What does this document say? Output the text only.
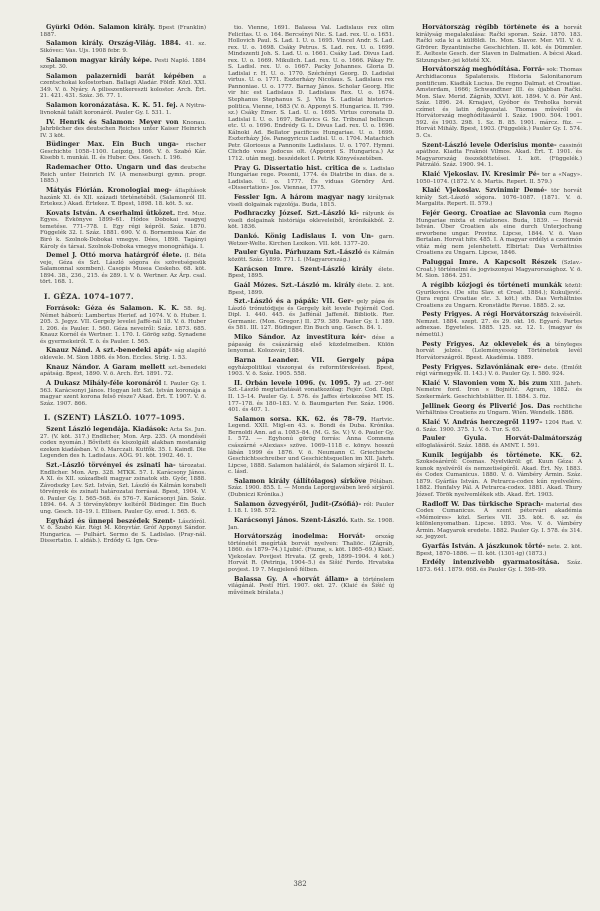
Gyürki Ödön. Salamon király. Bpest (Franklin) 1887.

Salamon király. Ország-Világ. 1884. 41. sz. Sikóvec: Vas. Ujs. 1908 febr. 9.

Salamon magyar király képe. Pesti Napló. 1884 szept. 30.

Salamon palazernidi barát képében a czentschokai kolostorban. Ballagi Aladár. Földr. Közl. XXI. 349. V. ö. Nyáry. A pilisszentkereszti kolostor. Arch. Ért. 21. 421. 431. Száz. 36. 77. 1.

Salamon koronázatása. K. K. 51. fej. A Nyitra-livnoknál talált koronáról. Pauler Gy. I. 531. 1.

IV. Henrik és Salamon: Meyer von Knonau. Jahrbücher des deutschen Reiches unter Kaiser Heinrich IV. 3 köt.

Büdinger Max. Ein Buch unga- rischer Geschichte 1058–1100. Leipzig, 1866. V. ö. Szabó Kár. Kisebb t. munkái. II. és Huber. Oes. Gesch. I. 196.

Rademacher Otto. Ungarn und das deutsche Reich unter Heinrich IV. (A menseburgi gymn. progr. 1885.)

Mátyás Flórián. Kronologiai meg- állapítások hazánk XI. és XII. századi történetéből. (Salamonról III. Ertekez.) Akad. Értekez. T. Bpest, 1898. 18. köt. 5. sz.

Kovats István. A cserhalmi ütközet. Erd. Muz. Egyes. Évkönyve 1899–61. Hódos Dobokai vaagyej temetése. 771–778. I. Egy régi képről. Száz. 1870. Függelék 32. I. Száz. 1881. 690. V. ö. Bornemissa Kár. de Biró k. Szolnok-Dobokai vmegye. Dées, 1898. Tagányi Károly és társai. Szolnok-Doboka vmegye monográfiája. I.

Demel J. Ottó morva határgróf élete. (I. Béla veje, Géza és Szt. László sógora és szövetségesük Salamonnal szemben). Casopis Musea Ceskeho. 68. köt. 1894. 38., 236., 215. és 289. l. V. ö. Wertner. Az Árp. csal. tört. 168. 1.

I. GÉZA. 1074–1077.

Források: Géza és Salamon. K. K. 58. fej. Német háború: Lambertus Herief. ad 1074. V. ö. Huber. I. 205. 3. Jegyz. VII. Gergely levelei Jaffé-nál 18. V. ö. Huber I. 206. és Pauler. I. 560. Géza neveiről: Száz. 1873. 685. Knauz Kornél és Wertner. 1. 170. I. Görög szög. Synadene és gyermekeiről. T. ö. és Pauler. I. 565.

Knauz Nánd. A szt.-benedeki apát- ság alapító oklevele. M. Sion 1886. és Mon. Eccles. Strig. I. 53.

Knauz Nándor. A Garam mellett szt.-benedeki apátság. Bpest, 1890. V. ö. Arch. Ért. 1891. 72.

A Dukasz Mihály-féle koronáról I. Pauler Gy. I. 563. Karácsonyi János. Hogyan lett Szt. István koronája a magyar szent korona felső része? Akad. Ért. T. 1907. V. ö. Száz. 1907. 866.

I. (SZENT) LÁSZLÓ. 1077–1095.

Szent László legendája. Kiadások: Acta Ss. Jun. 27. (V. köt. 317.) Endlicher, Mon. Arp. 235. (A mondéséi codex nyomán.) Bővített és kiszolgált alakban mostanáig ezeken kiadásban. V. ö. Marczali. Kutfők. 35. I. Kaindl. Die Legenden des h. Ladislaus. AÖG. 91. köt. 1902. 46. 1.

Szt.-László törvényei és zsinati ha- tározatai. Endlicher. Mon. Arp. 328. MTKK. 57. I. Karácsony János. A XI. és XII. századbeli magyar zsinatok stb. Győr, 1888. Závodszky Lev. Szt. István, Szt. László és Kálmán korabeli törvények és zsinati határozatai forrásai. Bpest, 1904. V. ö. Pauler Gy. I. 565–568. és 576–7. Karácsonyi Ján. Száz. 1894. 64. A 3 törvénykönyv keltéről Büdinger. Ein Buch ung. Gesch. 18–19. I. Ellisen. Pauler Gy. ered. I. 565. 6.

Egyházi és ünnepi beszédek Szent- Lászlóról. V. ö. Szabó Kár. Régi M. Könyvtár. Gróf Apponyi Sándor. Hungarica. — Pulhárt. Sermo de S. Ladislao. (Pray-nál. Dissertatio. I. aldáb.). Erdődy G. Ign. Ora-

tio. Vienne, 1691. Balassa Val. Ladislaus rex olim Felicitas. U. o. 164. Bercsényi Nic. S. Lad. rex. U. o. 1651. Hollovich Paul. S. Lad. I. U. o. 1695. Vincel Andr. S. Lad. rex. U. o. 1698. Csáky Petrus. S. Lad. rex. U. o. 1699. Mindszenti Joh. S. Lad. U. o. 1661. Csáky Lad. Divus Lad. rex. U. o. 1669. Mikulich. Lad. rex. U. o. 1666. Pákay Fr. S. Ladisl. rex. U. o. 1667. Packy Johannes. Gloria D. Ladislai r. H. U. o. 1770. Széchényi Georg. D. Ladislai virtus. U. o. 1771. Eszterházy Nicolaus. S. Ladislaus rex Pannoniae. U. o. 1777. Barnay János. Scholar Georg. Hic vir hic est Ladislaus D. Ladislaus Rex. U. o. 1674. Stephanus Stephanus S. J. Vita S. Ladislai historico-politica. Vienne, 1683 (V. ö. Apponyi S. Hungarica. II. 799. sz.) Csáky Emer. S. Lad. U. o. 1695. Virtus coronata D. Ladislai I. U. o. 1697. Bellavics G. Sz. Tribunal bellicum etc. U. o. 1696. Endrédy G. L. Divus Lad. rex. U. o. 1696. Kálnoki Ad. Bellator pacificus Hungariae. U. o. 1699. Eszterházy Jós. Panegyricus Ladisl. U. o. 1704. Matachich Petr. Gloriosus a Pannoniis Ladislaus. U. o. 1707. Hymni. Clichdo vous Jodocus olt. (Apponyi S. Hungarica.) Az 1712. után megj. beszédeket I. Petrik Könyvészetében.

Pray G. Dissertatio hist. critica de s. Ladislao Hungariae rege. Posonii, 1774. és Diatribe in dias. de s. Ladislao. U. o. 1777. És viduas Görnöry Árd. «Dissertation» Jos. Viennae, 1775.

Fessler Ign. A három magyar nagy királynak viseli dolgainak rajzolója. Buda, 1815.

Podhraczky József. Szt.-László ki- rályunk és viseli dolgainak históriája okleveleiből, krónikákból. 2. köt. 1836.

Dankó. König Ladislaus I. von Un- garn. Wetzer-Welte. Kirchen Lexikon. VII. köt. 1377–20.

Pauler Gyula. Párhuzam Szt.-László és Kálmán között. Száz. 1899. 771. I. (Magyarország.)

Karácson Imre. Szent-László király élete. Bpest, 1895.

Gaál Mózes. Szt.-László m. király élete. 2. köt. Bpest, 1899.

Szt.-László és a pápák: VII. Ger- gely pápa és László trónutódjeje és Gergely két levele Fejérnél Cod. Dipl. I. 440. 445. és Jaffénál Jaffenél. Bibliotk. Rer. Germanic. (Mon. Gregor.) II. 279. 389. Pauler Gy. I. 189. és 581. III. 127. Büdinger. Ein Buch ung. Gesch. 84. 1.

Miko Sándor. Az investitura kér- dése a pápaság és császárság első küzdelmeiben. Külön lenyomat. Kolozsvár, 1884.

Barna Leander. VII. Gergely pápa egyházpolitikai viszonyai és reformtörekvései. Bpest, 1903. V. ö. Száz. 1905. 558.

II. Orbán levele 1096. (v. 1095. ?) ad. 27–96! Szt.-László megtartatását vonatkozólag: Fejér. Cod. Dipl. II. 13–14. Pauler Gy. I. 576. és Jaffes értekezése MT. IS. 177–178. és 180–183. V. ö. Baumgarten Fer. Száz. 1906. 401. és 407. 1.

Salamon sorsa. KK. 62. és 78–79. Hartvic. Legend. XXII. Migl-en 43. s. Bondi és Duba. Krónika. Bernoldi Ann. ad a. 1083–84. (M. G. Ss. V.) V. ö. Pauler Gy. I. 572. — Egyhonú görög forrás: Anna Comnena császárné «Alexias» szöve. 1069–1118 c. könyv. hosszú lábán 1999 és 1876. V. ö. Neumann C. Griechische Geschichtsschreiber und Geschichtsquellen im XII. Jahrh. Lipcse, 1888. Salamon haláláról, és Salamon sírjáról II. L. c. lásd.

Salamon király (állítólagos) sírköve Pólában. Száz. 1900. 855. I. — Monda Leporgjaváben levő sírjáról. (Dubniczi Krónika.)

Salamon özvegyéről, Judit-(Zsófiá)- ról: Pauler I. 18. I. 198. 572.

Karácsonyi János. Szent-László. Kath. Sz. 1908. Jan.

Horvátország inodelma: Horvát- ország történetét megírták borvát nyelven: Thaliōc. (Zágráb, 1860. és 1879–74.) Ljubić. (Fiume, s. köt. 1865–69.) Klaić. Vjekoslav. Povijest Hrvata. (Z greb, 1899–1904. 4 köt.) Horvát R. (Petrinja, 1904–5.) és Sišić Ferdo. Hrvatska povjest. 19 7. Megjelenő félben.

Balassa Gy. A «horvát állam» a történelem világánál. Pesti Hírl. 1907. okt. 27. (Klaić és Šišić új művéinek bírálata.)

Horvátország régibb története és a horvát királyság megalakulása: Rački sporan. Száz. 1870. 183. Rački szla ki a külföldi. In. Mon. Slavor. Mer. VII. V. ö. Gfrörer. Byzantinische Geschichten. II. köt. és Dümmler. E. Aelteste Gesch. der Slaven in Dalmatien. A bécsi Akad. Sitzungsber.-jei köteté XX.

Horvátország meghódítása. Forrá- sok: Thomas Archidiaconus Spalatensis. Historia Salonitanorum pontificum. Kiadták Lucius. De regno Dalmat. et Croatiae. Amsterdam, 1666; Schwandtner III. és újabban Rački. Mon. Slav. Merid. Zágráb, XXVI. köt. 1894. V. ö. Pór Ant. Száz. 1896. 24. Krnajavi, Gyóbor és Treholka horvát czímet és latin dolgozatai. Thomas művéről és Horvátország meghódításáról I. Száz. 1900. 504. 1901. 592. és 1903. 298. 1. Sz. B. 85. 1901. márcz. füz. — Horvát Mihály. Bpest, 1903. (Függelék.) Pauler Gy. I. 574. 5. Cs.

Szent-László levele Oderisius monte- cassinói apáthoz. Kiadta Fraknói Vilmos. Akad. Ért. T. 1901. és Magyarország összeköttetései. I. köt. (Függelék.) Pátrzáló. Száz. 1900. 94. 1.

Klaić Vjekoslav. IV. Kresimir Pé- ter a «Nagy». 1050–1074. (1872. V. ö. Martis. Repert. II. 579.)

Klaić Vjekoslav. Szvinimir Demé- tör horvát király Szt.-László sógora. 1076–1087. (1871. V. ö. Margalits. Repert. II. 579.)

Fejér Georg. Croatiae ac Slavonia cum Regno Hungariae mixta et relationes. Buda, 1839. — Horvát István. Über Croatien als eine durch Unterjochung erworbene ungar. Provinz. Lipcse, 1844. V. ö. Vaso Bertalan. Horvát hitv. 485. I. A magyar erdélyi a czerimón vitáz még nem jelenhetett. Elbirtat: Das Verhältniss Croatiens zu Ungarn. Lipcse, 1846.

Paluggai Imre. A Kapcsolt Részek (Szlav.-Croat.) történelmi és jogviszonyai Magyarországhoz. V. ö. M. Sion. 1864. 251.

A régibb közjogi és történeti munkák közül: Gyurikovics. (De situ Slav. et Croat. 1884.); Kukuljević. (Jura regni Croatiae etc. 3. köt.) stb. Das Verhältniss Croatiens zu Ungarn. Kronstädte Revue. 1885. 2. sz.

Pesty Frigyes. A régi Horvátország fekvéséről. Nemzet. 1884. szept. 27. és 29. okt. 16. Egyaró. Partes adnexae. Egyeteles. 1885. 125. sz. 12. 1. (magyar és németül.)

Pesty Frigyes. Az oklevelek és a tényleges horvát jelzés. (Leleményesség Történetek levél Horvátországról. Bpest. Akadémia. 1889.

Pesty Frigyes. Szlavóniának ere- dete. (Emlőit régi vármegyék. II. 143.) V. ö. Pauler Gy. I. 580. 924.

Klaić V. Slavonien vom X. bis zum XIII. Jahrh. Nemetre ford. Iron s Bojničić. Agram, 1882. és Szekermárk. Geschichtsblätter. II. 1884. 3. füz.

Jellinek Georg és Pliverić Jos. Das rechtliche Verhältniss Croatiens zu Ungarn. Wien. Wendelk. 1886.

Klaić V. András herczegről 1197– 1204 Rad. V. ö. Száz. 1900. 375. 1. V. ö. Tur. S. 65.

Pauler Gyula. Horvát-Dalmátország elfoglalásáról. Száz. 1888. és AMNT. I. 591.

Kunik legújabb és története. KK. 62. Szoksósáréról: Cosmas. Nyelvikról: gf. Kuun Géza: A kunok nyelvéről és nemzetiségéről. Akad. Ért. Ny. 1883. és Codex Cumanicus. 1880. V. ö. Vámbéry Ármin. Száz. 1879. Gyárfás István. A Petrarca-codex kún nyelvelére. 1882. Hunfalvy Pál. A Petrarca-codex. 1881. Akad. Thury József. Török nyelvemlékek stb. Akad. Ért. 1903.

Radloff W. Das türkische Sprach- material des Codex Cumanicus. A szent pétervári akadémia «Mémoires» közl. Series VII. 35. köt. 6. sz. és különlenyomatban. Lipcse. 1893. Vos. V. ö. Vámbéry Ármin. Magyarok eredete. 1882. Pauler Gy. I. 578. és 314. sz. jegyzet.

Gyarfás István. A jászkunok törté- nete. 2. köt. Bpest, 1870–1886. — II. köt. (1301-ig) (1873.)

Erdély intenzivebb gyarmatosítása. Száz. 1873. 641. 1879. 668. és Pauler Gy. I. 598–99.

382
